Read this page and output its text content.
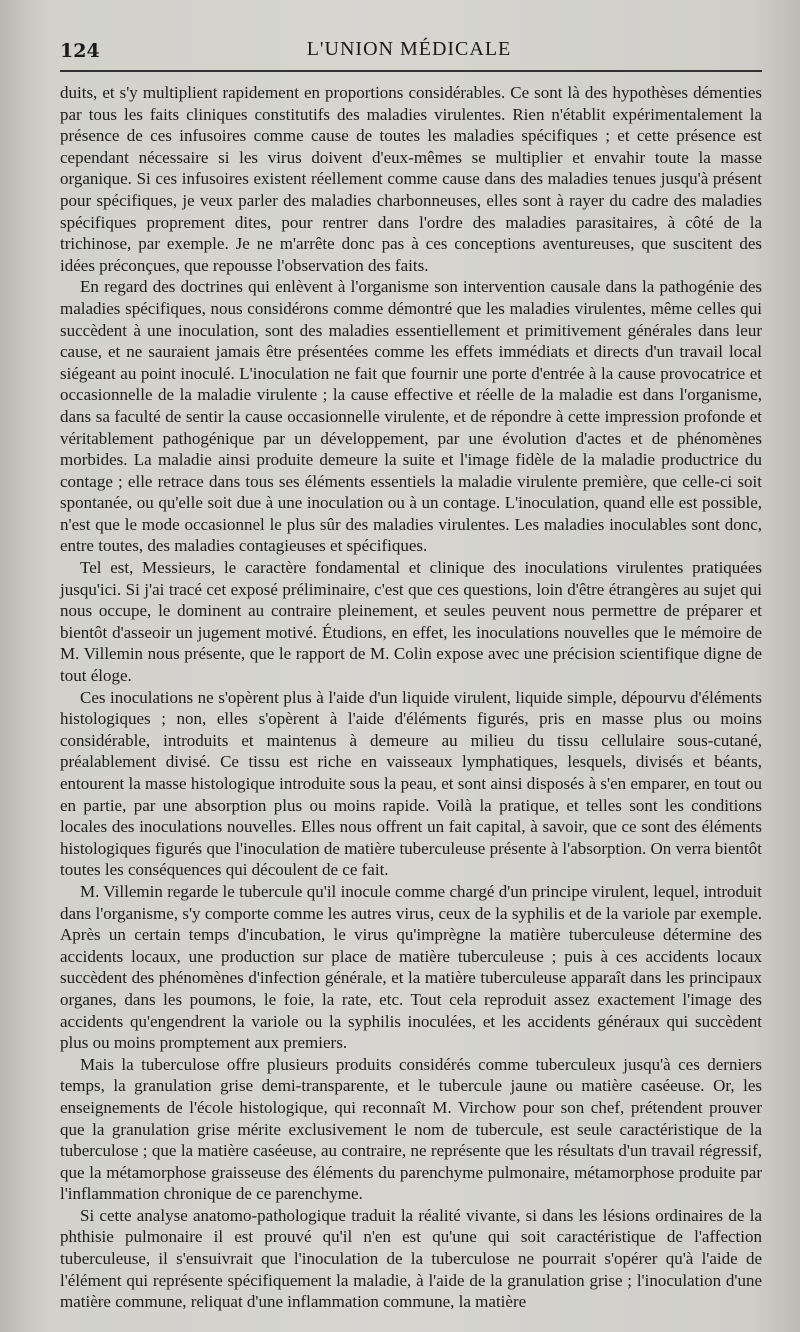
124	L'UNION MÉDICALE

duits, et s'y multiplient rapidement en proportions considérables. Ce sont là des hypothèses démenties par tous les faits cliniques constitutifs des maladies virulentes. Rien n'établit expérimentalement la présence de ces infusoires comme cause de toutes les maladies spécifiques ; et cette présence est cependant nécessaire si les virus doivent d'eux-mêmes se multiplier et envahir toute la masse organique. Si ces infusoires existent réellement comme cause dans des maladies tenues jusqu'à présent pour spécifiques, je veux parler des maladies charbonneuses, elles sont à rayer du cadre des maladies spécifiques proprement dites, pour rentrer dans l'ordre des maladies parasitaires, à côté de la trichinose, par exemple. Je ne m'arrête donc pas à ces conceptions aventureuses, que suscitent des idées préconçues, que repousse l'observation des faits.

En regard des doctrines qui enlèvent à l'organisme son intervention causale dans la pathogénie des maladies spécifiques, nous considérons comme démontré que les maladies virulentes, même celles qui succèdent à une inoculation, sont des maladies essentiellement et primitivement générales dans leur cause, et ne sauraient jamais être présentées comme les effets immédiats et directs d'un travail local siégeant au point inoculé. L'inoculation ne fait que fournir une porte d'entrée à la cause provocatrice et occasionnelle de la maladie virulente ; la cause effective et réelle de la maladie est dans l'organisme, dans sa faculté de sentir la cause occasionnelle virulente, et de répondre à cette impression profonde et véritablement pathogénique par un développement, par une évolution d'actes et de phénomènes morbides. La maladie ainsi produite demeure la suite et l'image fidèle de la maladie productrice du contage ; elle retrace dans tous ses éléments essentiels la maladie virulente première, que celle-ci soit spontanée, ou qu'elle soit due à une inoculation ou à un contage. L'inoculation, quand elle est possible, n'est que le mode occasionnel le plus sûr des maladies virulentes. Les maladies inoculables sont donc, entre toutes, des maladies contagieuses et spécifiques.

Tel est, Messieurs, le caractère fondamental et clinique des inoculations virulentes pratiquées jusqu'ici. Si j'ai tracé cet exposé préliminaire, c'est que ces questions, loin d'être étrangères au sujet qui nous occupe, le dominent au contraire pleinement, et seules peuvent nous permettre de préparer et bientôt d'asseoir un jugement motivé. Étudions, en effet, les inoculations nouvelles que le mémoire de M. Villemin nous présente, que le rapport de M. Colin expose avec une précision scientifique digne de tout éloge.

Ces inoculations ne s'opèrent plus à l'aide d'un liquide virulent, liquide simple, dépourvu d'éléments histologiques ; non, elles s'opèrent à l'aide d'éléments figurés, pris en masse plus ou moins considérable, introduits et maintenus à demeure au milieu du tissu cellulaire sous-cutané, préalablement divisé. Ce tissu est riche en vaisseaux lymphatiques, lesquels, divisés et béants, entourent la masse histologique introduite sous la peau, et sont ainsi disposés à s'en emparer, en tout ou en partie, par une absorption plus ou moins rapide. Voilà la pratique, et telles sont les conditions locales des inoculations nouvelles. Elles nous offrent un fait capital, à savoir, que ce sont des éléments histologiques figurés que l'inoculation de matière tuberculeuse présente à l'absorption. On verra bientôt toutes les conséquences qui découlent de ce fait.

M. Villemin regarde le tubercule qu'il inocule comme chargé d'un principe virulent, lequel, introduit dans l'organisme, s'y comporte comme les autres virus, ceux de la syphilis et de la variole par exemple. Après un certain temps d'incubation, le virus qu'imprègne la matière tuberculeuse détermine des accidents locaux, une production sur place de matière tuberculeuse ; puis à ces accidents locaux succèdent des phénomènes d'infection générale, et la matière tuberculeuse apparaît dans les principaux organes, dans les poumons, le foie, la rate, etc. Tout cela reproduit assez exactement l'image des accidents qu'engendrent la variole ou la syphilis inoculées, et les accidents généraux qui succèdent plus ou moins promptement aux premiers.

Mais la tuberculose offre plusieurs produits considérés comme tuberculeux jusqu'à ces derniers temps, la granulation grise demi-transparente, et le tubercule jaune ou matière caséeuse. Or, les enseignements de l'école histologique, qui reconnaît M. Virchow pour son chef, prétendent prouver que la granulation grise mérite exclusivement le nom de tubercule, est seule caractéristique de la tuberculose ; que la matière caséeuse, au contraire, ne représente que les résultats d'un travail régressif, que la métamorphose graisseuse des éléments du parenchyme pulmonaire, métamorphose produite par l'inflammation chronique de ce parenchyme.

Si cette analyse anatomo-pathologique traduit la réalité vivante, si dans les lésions ordinaires de la phthisie pulmonaire il est prouvé qu'il n'en est qu'une qui soit caractéristique de l'affection tuberculeuse, il s'ensuivrait que l'inoculation de la tuberculose ne pourrait s'opérer qu'à l'aide de l'élément qui représente spécifiquement la maladie, à l'aide de la granulation grise ; l'inoculation d'une matière commune, reliquat d'une inflammation commune, la matière
